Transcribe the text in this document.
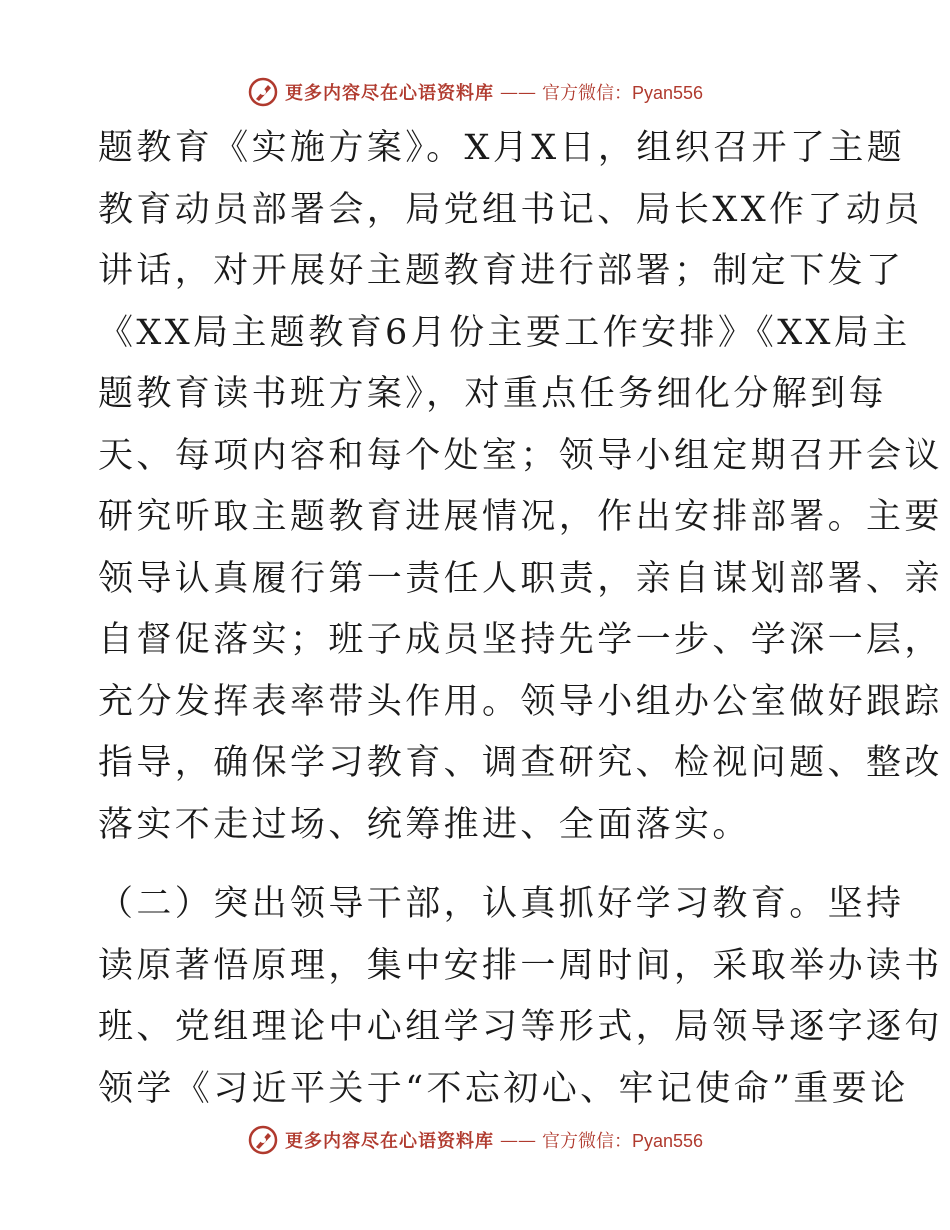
更多内容尽在心语资料库 —— 官方微信：Pyan556
题教育《实施方案》。X月X日，组织召开了主题
教育动员部署会，局党组书记、局长XX作了动员
讲话，对开展好主题教育进行部署；制定下发了
《XX局主题教育6月份主要工作安排》《XX局主
题教育读书班方案》，对重点任务细化分解到每
天、每项内容和每个处室；领导小组定期召开会议
研究听取主题教育进展情况，作出安排部署。主要
领导认真履行第一责任人职责，亲自谋划部署、亲
自督促落实；班子成员坚持先学一步、学深一层，
充分发挥表率带头作用。领导小组办公室做好跟踪
指导，确保学习教育、调查研究、检视问题、整改
落实不走过场、统筹推进、全面落实。
（二）突出领导干部，认真抓好学习教育。坚持
读原著悟原理，集中安排一周时间，采取举办读书
班、党组理论中心组学习等形式，局领导逐字逐句
领学《习近平关于“不忘初心、牢记使命”重要论
更多内容尽在心语资料库 —— 官方微信：Pyan556
